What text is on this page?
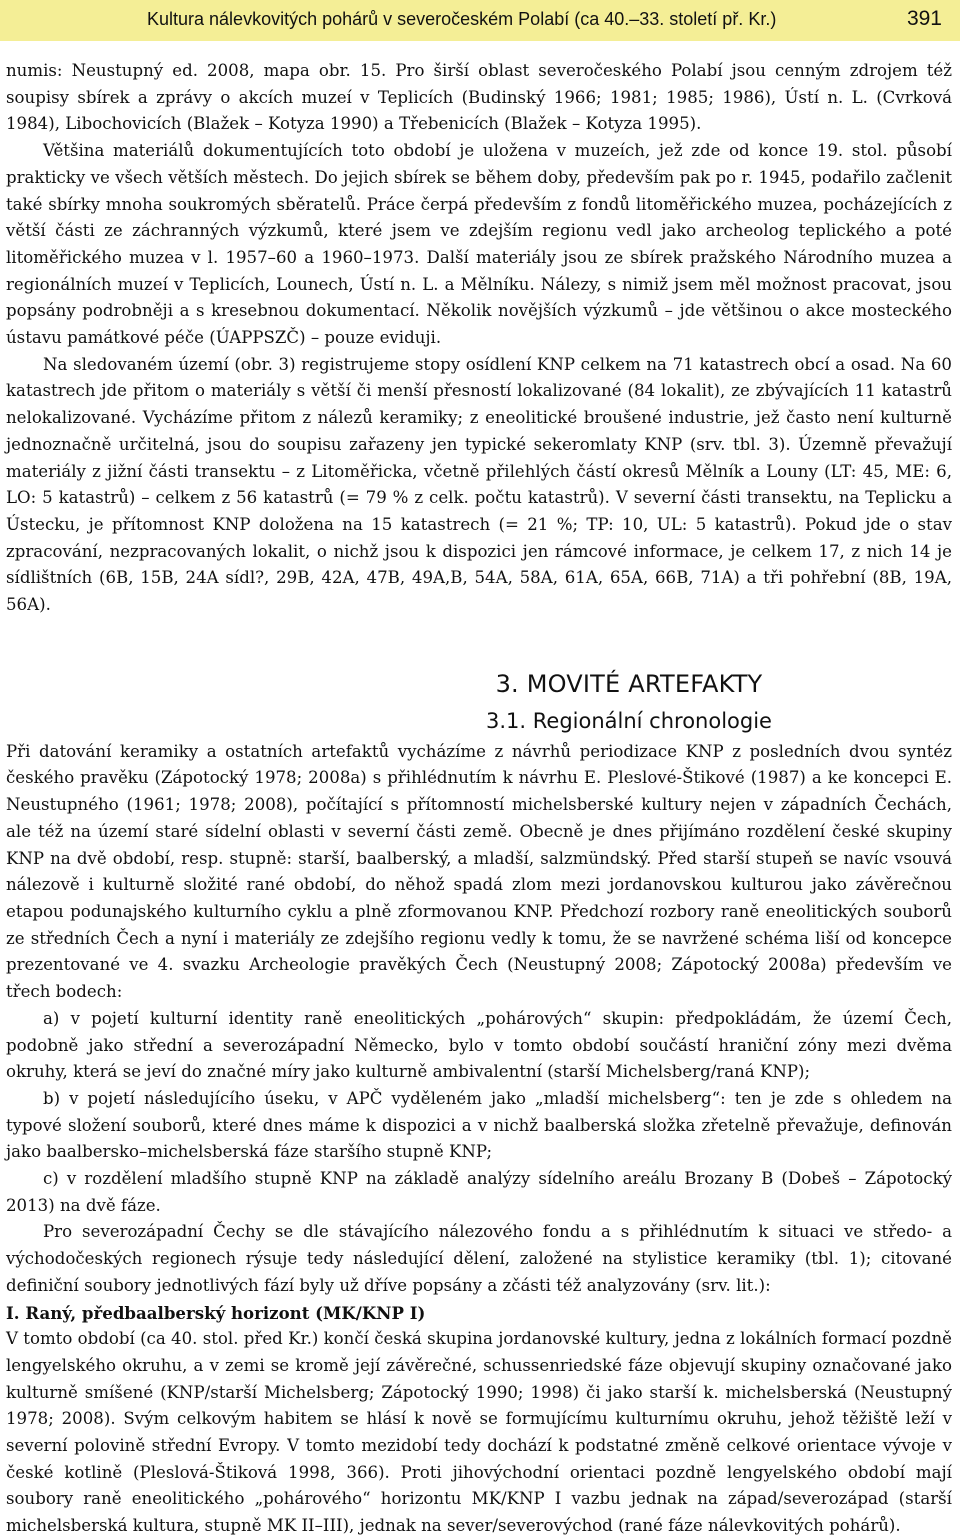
Kultura nálevkovitých pohárů v severočeském Polabí (ca 40.–33. století př. Kr.)	391

numis: Neustupný ed. 2008, mapa obr. 15. Pro širší oblast severočeského Polabí jsou cenným zdrojem též soupisy sbírek a zprávy o akcích muzeí v Teplicích (Budinský 1966; 1981; 1985; 1986), Ústí n. L. (Cvrková 1984), Libochovicích (Blažek – Kotyza 1990) a Třebenicích (Blažek – Kotyza 1995).

Většina materiálů dokumentujících toto období je uložena v muzeích, jež zde od konce 19. stol. působí prakticky ve všech větších městech. Do jejich sbírek se během doby, především pak po r. 1945, podařilo začlenit také sbírky mnoha soukromých sběratelů. Práce čerpá především z fondů litoměřického muzea, pocházejících z větší části ze záchranných výzkumů, které jsem ve zdejším regionu vedl jako archeolog teplického a poté litoměřického muzea v l. 1957–60 a 1960–1973. Další materiály jsou ze sbírek pražského Národního muzea a regionálních muzeí v Teplicích, Lounech, Ústí n. L. a Mělníku. Nálezy, s nimiž jsem měl možnost pracovat, jsou popsány podrobněji a s kresebnou dokumentací. Několik novějších výzkumů – jde většinou o akce mosteckého ústavu památkové péče (ÚAPPSZČ) – pouze eviduji.

Na sledovaném území (obr. 3) registrujeme stopy osídlení KNP celkem na 71 katastrech obcí a osad. Na 60 katastrech jde přitom o materiály s větší či menší přesností lokalizované (84 lokalit), ze zbývajících 11 katastrů nelokalizované. Vycházíme přitom z nálezů keramiky; z eneolitické broušené industrie, jež často není kulturně jednoznačně určitelná, jsou do soupisu zařazeny jen typické sekeromlaty KNP (srv. tbl. 3). Územně převažují materiály z jižní části transektu – z Litoměřicka, včetně přilehlých částí okresů Mělník a Louny (LT: 45, ME: 6, LO: 5 katastrů) – celkem z 56 katastrů (= 79 % z celk. počtu katastrů). V severní části transektu, na Teplicku a Ústecku, je přítomnost KNP doložena na 15 katastrech (= 21 %; TP: 10, UL: 5 katastrů). Pokud jde o stav zpracování, nezpracovaných lokalit, o nichž jsou k dispozici jen rámcové informace, je celkem 17, z nich 14 je sídlištních (6B, 15B, 24A sídl?, 29B, 42A, 47B, 49A,B, 54A, 58A, 61A, 65A, 66B, 71A) a tři pohřební (8B, 19A, 56A).

3. MOVITÉ ARTEFAKTY
3.1. Regionální chronologie

Při datování keramiky a ostatních artefaktů vycházíme z návrhů periodizace KNP z posledních dvou syntéz českého pravěku (Zápotocký 1978; 2008a) s přihlédnutím k návrhu E. Pleslové-Štikové (1987) a ke koncepci E. Neustupného (1961; 1978; 2008), počítající s přítomností michelsberské kultury nejen v západních Čechách, ale též na území staré sídelní oblasti v severní části země. Obecně je dnes přijímáno rozdělení české skupiny KNP na dvě období, resp. stupně: starší, baalberský, a mladší, salzmündský. Před starší stupeň se navíc vsouvá nálezově i kulturně složité rané období, do něhož spadá zlom mezi jordanovskou kulturou jako závěrečnou etapou podunajského kulturního cyklu a plně zformovanou KNP. Předchozí rozbory raně eneolitických souborů ze středních Čech a nyní i materiály ze zdejšího regionu vedly k tomu, že se navržené schéma liší od koncepce prezentované ve 4. svazku Archeologie pravěkých Čech (Neustupný 2008; Zápotocký 2008a) především ve třech bodech:

a) v pojetí kulturní identity raně eneolitických „pohárových“ skupin: předpokládám, že území Čech, podobně jako střední a severozápadní Německo, bylo v tomto období součástí hraniční zóny mezi dvěma okruhy, která se jeví do značné míry jako kulturně ambivalentní (starší Michelsberg/raná KNP);

b) v pojetí následujícího úseku, v APČ vyděleném jako „mladší michelsberg“: ten je zde s ohledem na typové složení souborů, které dnes máme k dispozici a v nichž baalberská složka zřetelně převažuje, definován jako baalbersko–michelsberská fáze staršího stupně KNP;

c) v rozdělení mladšího stupně KNP na základě analýzy sídelního areálu Brozany B (Dobeš – Zápotocký 2013) na dvě fáze.

Pro severozápadní Čechy se dle stávajícího nálezového fondu a s přihlédnutím k situaci ve středo- a východočeských regionech rýsuje tedy následující dělení, založené na stylistice keramiky (tbl. 1); citované definiční soubory jednotlivých fází byly už dříve popsány a zčásti též analyzovány (srv. lit.):

I. Raný, předbaalberský horizont (MK/KNP I)

V tomto období (ca 40. stol. před Kr.) končí česká skupina jordanovské kultury, jedna z lokálních formací pozdně lengyelského okruhu, a v zemi se kromě její závěrečné, schussenriedské fáze objevují skupiny označované jako kulturně smíšené (KNP/starší Michelsberg; Zápotocký 1990; 1998) či jako starší k. michelsberská (Neustupný 1978; 2008). Svým celkovým habitem se hlásí k nově se formujícímu kulturnímu okruhu, jehož těžiště leží v severní polovině střední Evropy. V tomto mezidobí tedy dochází k podstatné změně celkové orientace vývoje v české kotlině (Pleslová-Štiková 1998, 366). Proti jihovýchodní orientaci pozdně lengyelského období mají soubory raně eneolitického „pohárového“ horizontu MK/KNP I vazbu jednak na západ/severozápad (starší michelsberská kultura, stupně MK II–III), jednak na sever/severovýchod (rané fáze nálevkovitých pohárů).
